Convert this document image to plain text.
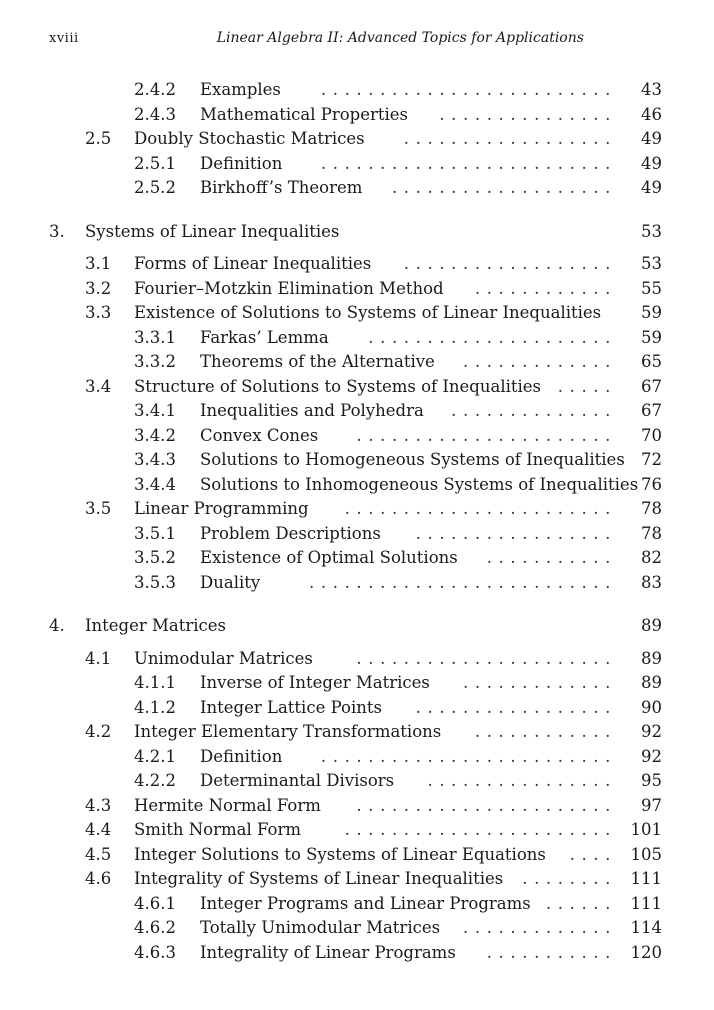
xviii	Linear Algebra II: Advanced Topics for Applications
2.4.2 Examples	......................... 43
2.4.3 Mathematical Properties	............... 46
2.5 Doubly Stochastic Matrices	.................. 49
2.5.1 Definition	......................... 49
2.5.2 Birkhoff’s Theorem	................... 49
3. Systems of Linear Inequalities	53
3.1 Forms of Linear Inequalities	.................. 53
3.2 Fourier–Motzkin Elimination Method	............ 55
3.3 Existence of Solutions to Systems of Linear Inequalities 59
3.3.1 Farkas’ Lemma	..................... 59
3.3.2 Theorems of the Alternative	............. 65
3.4 Structure of Solutions to Systems of Inequalities	..... 67
3.4.1 Inequalities and Polyhedra	.............. 67
3.4.2 Convex Cones	...................... 70
3.4.3 Solutions to Homogeneous Systems of Inequalities 72
3.4.4 Solutions to Inhomogeneous Systems of Inequalities 76
3.5 Linear Programming	....................... 78
3.5.1 Problem Descriptions	................. 78
3.5.2 Existence of Optimal Solutions	........... 82
3.5.3 Duality	.......................... 83
4. Integer Matrices	89
4.1 Unimodular Matrices	...................... 89
4.1.1 Inverse of Integer Matrices	............. 89
4.1.2 Integer Lattice Points	................. 90
4.2 Integer Elementary Transformations	............ 92
4.2.1 Definition	......................... 92
4.2.2 Determinantal Divisors	................ 95
4.3 Hermite Normal Form	...................... 97
4.4 Smith Normal Form	....................... 101
4.5 Integer Solutions to Systems of Linear Equations	.... 105
4.6 Integrality of Systems of Linear Inequalities	........ 111
4.6.1 Integer Programs and Linear Programs ...... 111
4.6.2 Totally Unimodular Matrices	............. 114
4.6.3 Integrality of Linear Programs	........... 120
